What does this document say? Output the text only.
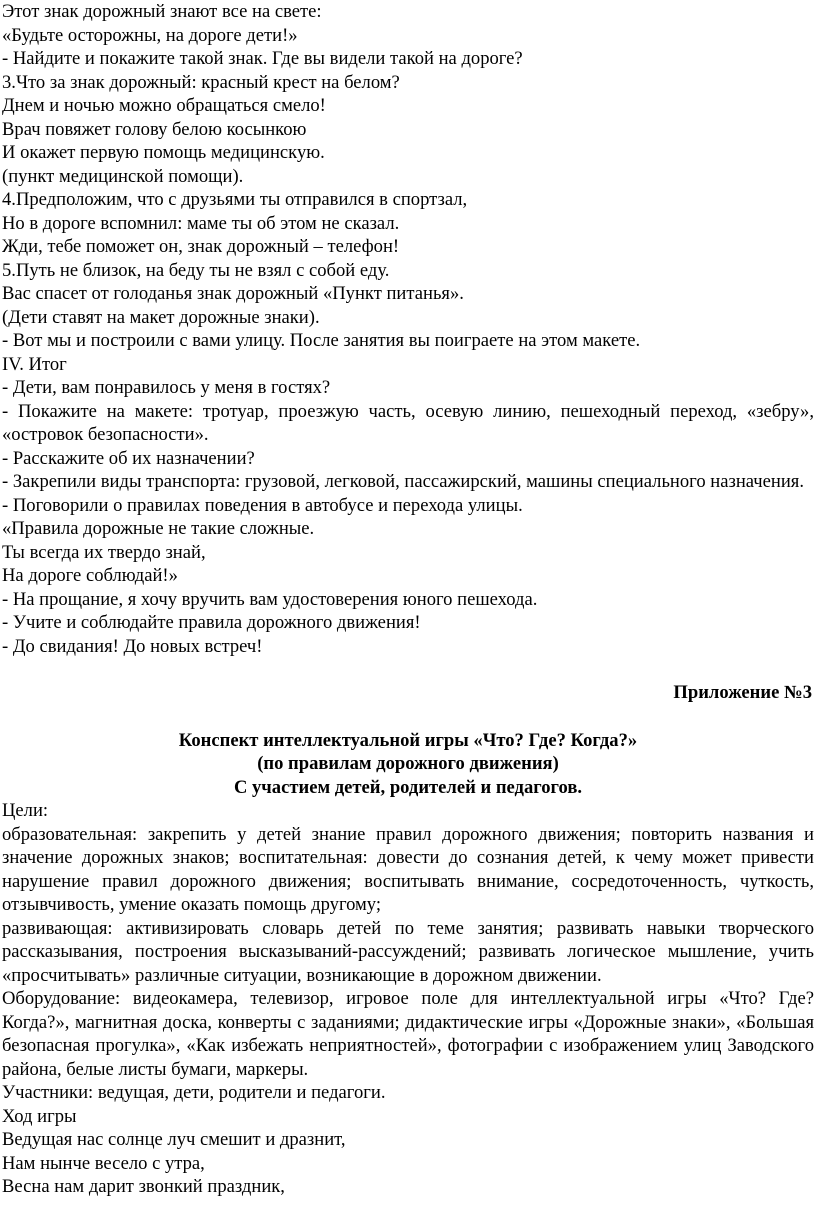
Этот знак дорожный знают все на свете:
«Будьте осторожны, на дороге дети!»
- Найдите и покажите такой знак. Где вы видели такой на дороге?
3.Что за знак дорожный: красный крест на белом?
Днем и ночью можно обращаться смело!
Врач повяжет голову белою косынкою
И окажет первую помощь медицинскую.
(пункт медицинской помощи).
4.Предположим, что с друзьями ты отправился в спортзал,
Но в дороге вспомнил: маме ты об этом не сказал.
Жди, тебе поможет он, знак дорожный – телефон!
5.Путь не близок, на беду ты не взял с собой еду.
Вас спасет от голоданья знак дорожный «Пункт питанья».
(Дети ставят на макет дорожные знаки).
- Вот мы и построили с вами улицу. После занятия вы поиграете на этом макете.
IV. Итог
- Дети, вам понравилось у меня в гостях?
- Покажите на макете: тротуар, проезжую часть, осевую линию, пешеходный переход, «зебру», «островок безопасности».
- Расскажите об их назначении?
- Закрепили виды транспорта: грузовой, легковой, пассажирский, машины специального назначения.
- Поговорили о правилах поведения в автобусе и перехода улицы.
«Правила дорожные не такие сложные.
Ты всегда их твердо знай,
На дороге соблюдай!»
- На прощание, я хочу вручить вам удостоверения юного пешехода.
- Учите и соблюдайте правила дорожного движения!
- До свидания! До новых встреч!
Приложение №3
Конспект интеллектуальной игры «Что? Где? Когда?»
(по правилам дорожного движения)
С участием детей, родителей и педагогов.
Цели:
образовательная: закрепить у детей знание правил дорожного движения; повторить названия и значение дорожных знаков; воспитательная: довести до сознания детей, к чему может привести нарушение правил дорожного движения; воспитывать внимание, сосредоточенность, чуткость, отзывчивость, умение оказать помощь другому;
развивающая: активизировать словарь детей по теме занятия; развивать навыки творческого рассказывания, построения высказываний-рассуждений; развивать логическое мышление, учить «просчитывать» различные ситуации, возникающие в дорожном движении.
Оборудование: видеокамера, телевизор, игровое поле для интеллектуальной игры «Что? Где? Когда?», магнитная доска, конверты с заданиями; дидактические игры «Дорожные знаки», «Большая безопасная прогулка», «Как избежать неприятностей», фотографии с изображением улиц Заводского района, белые листы бумаги, маркеры.
Участники: ведущая, дети, родители и педагоги.
Ход игры
Ведущая нас солнце луч смешит и дразнит,
Нам нынче весело с утра,
Весна нам дарит звонкий праздник,
